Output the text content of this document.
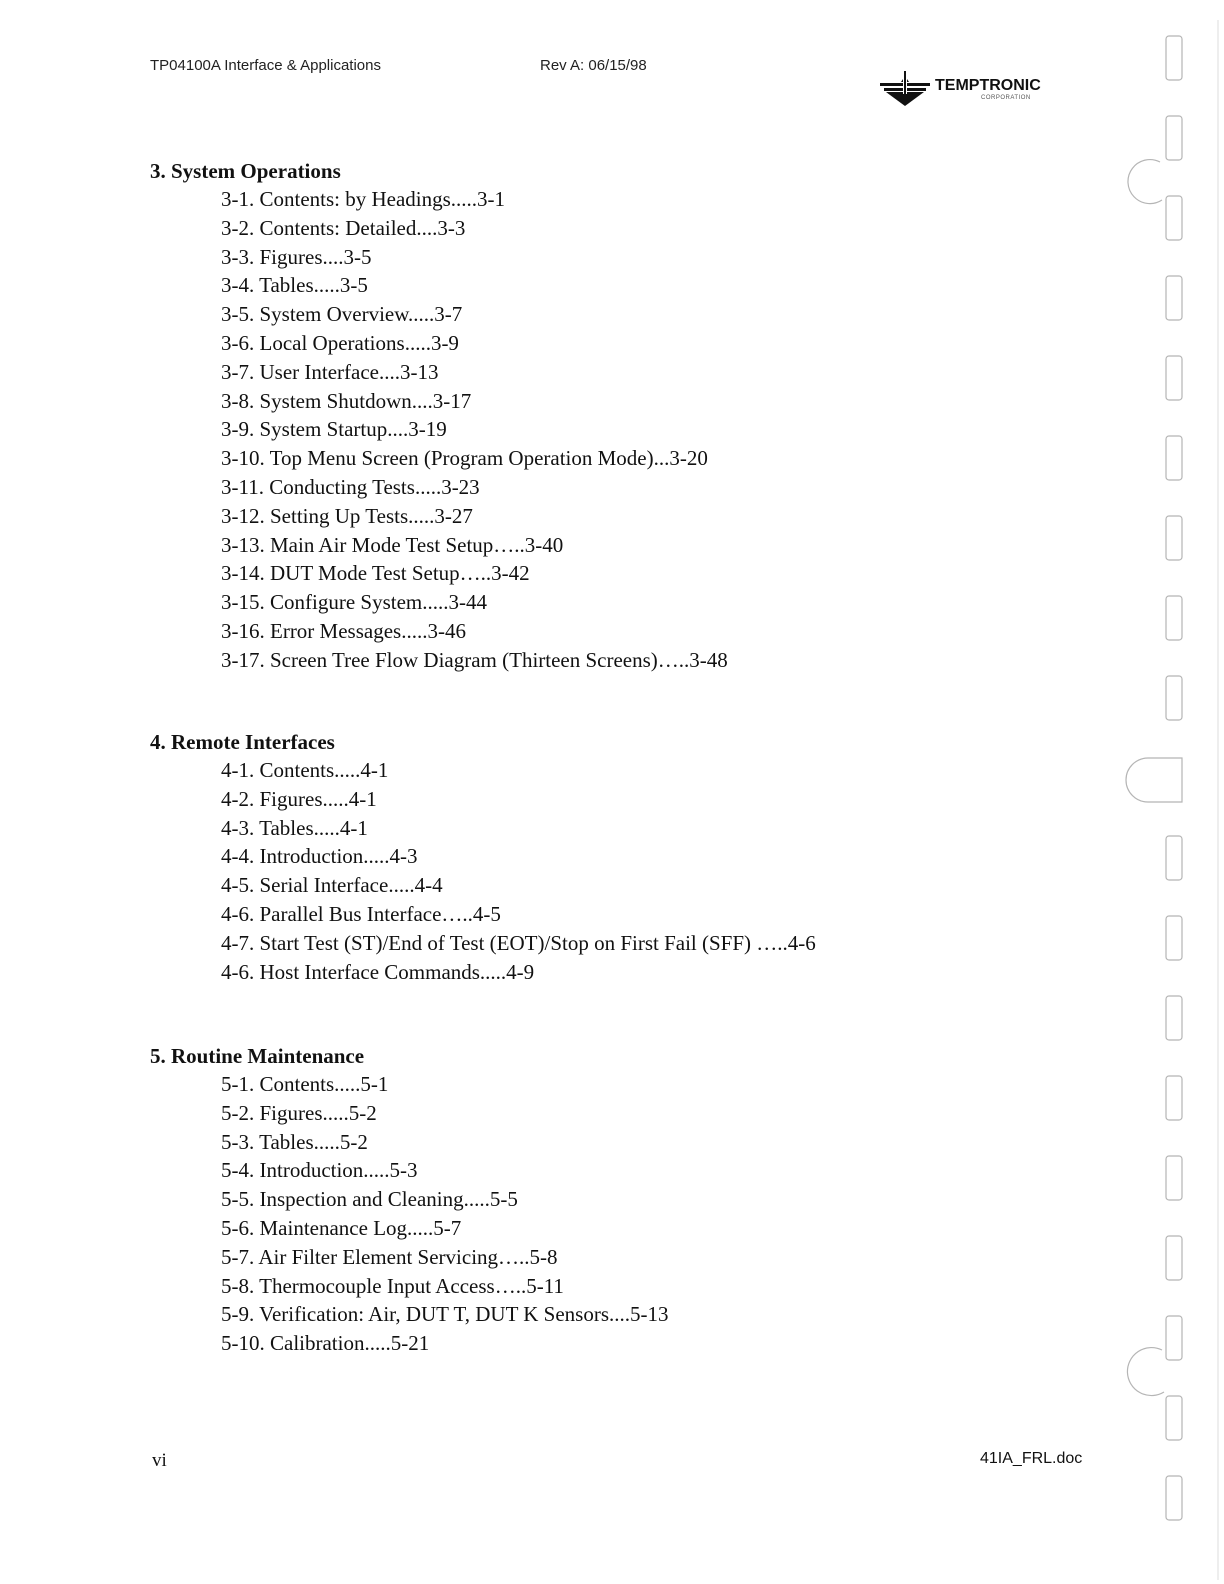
TP04100A Interface & Applications	Rev A: 06/15/98
TEMPTRONIC
CORPORATION
3. System Operations
3-1. Contents: by Headings.....3-1
3-2. Contents: Detailed....3-3
3-3. Figures....3-5
3-4. Tables.....3-5
3-5. System Overview.....3-7
3-6. Local Operations.....3-9
3-7. User Interface....3-13
3-8. System Shutdown....3-17
3-9. System Startup....3-19
3-10. Top Menu Screen (Program Operation Mode)...3-20
3-11. Conducting Tests.....3-23
3-12. Setting Up Tests.....3-27
3-13. Main Air Mode Test Setup…..3-40
3-14. DUT Mode Test Setup…..3-42
3-15. Configure System.....3-44
3-16. Error Messages.....3-46
3-17. Screen Tree Flow Diagram (Thirteen Screens)…..3-48
4. Remote Interfaces
4-1. Contents.....4-1
4-2. Figures.....4-1
4-3. Tables.....4-1
4-4. Introduction.....4-3
4-5. Serial Interface.....4-4
4-6. Parallel Bus Interface…..4-5
4-7. Start Test (ST)/End of Test (EOT)/Stop on First Fail (SFF) …..4-6
4-6. Host Interface Commands.....4-9
5. Routine Maintenance
5-1. Contents.....5-1
5-2. Figures.....5-2
5-3. Tables.....5-2
5-4. Introduction.....5-3
5-5. Inspection and Cleaning.....5-5
5-6. Maintenance Log.....5-7
5-7. Air Filter Element Servicing…..5-8
5-8. Thermocouple Input Access…..5-11
5-9. Verification: Air, DUT T, DUT K Sensors....5-13
5-10. Calibration.....5-21
vi	41IA_FRL.doc
